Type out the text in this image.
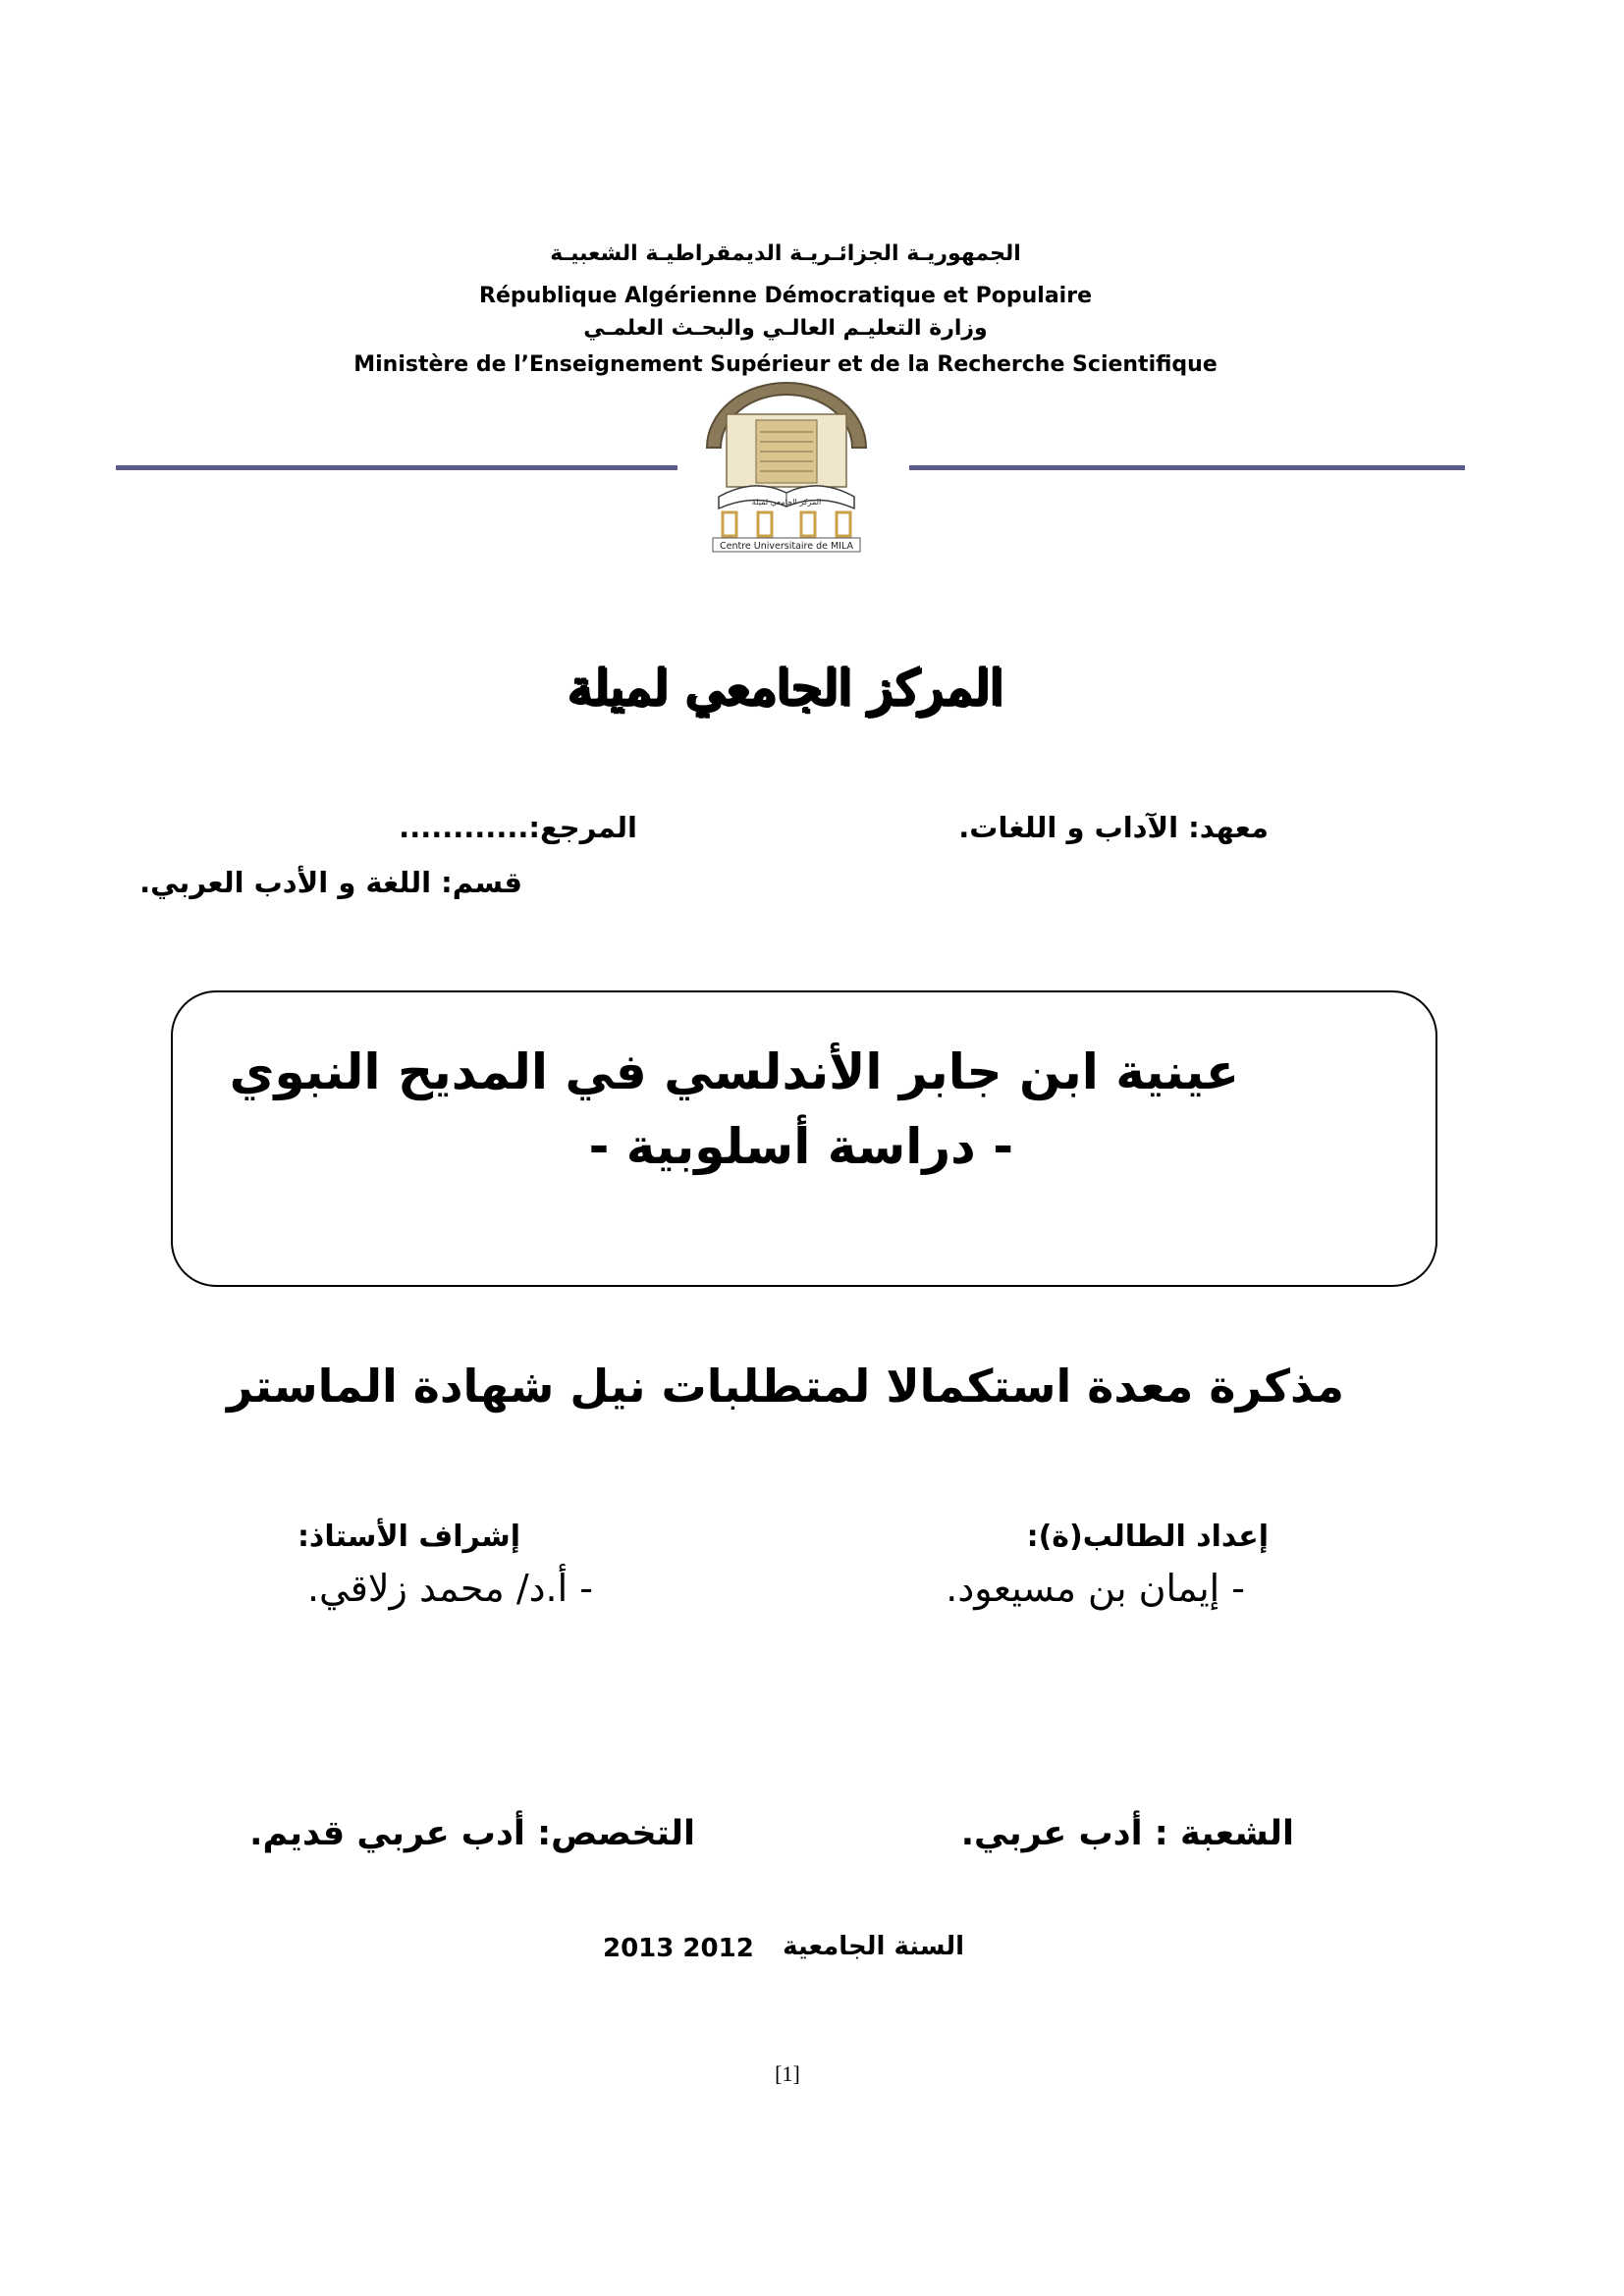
الجمهوريـة الجزائـريـة الديمقراطيـة الشعبيـة
République Algérienne Démocratique et Populaire
وزارة التعليـم العالـي والبحـث العلمـي
Ministère de l’Enseignement Supérieur et de la Recherche Scientifique
المركز الجامعي لميلة
Centre Universitaire de MILA
المركز الجامعي لميلة
معهد: الآداب و اللغات.
المرجع:............
قسم: اللغة و الأدب العربي.
عينية ابن جابر الأندلسي في المديح النبوي
- دراسة أسلوبية -
مذكرة معدة استكمالا لمتطلبات نيل شهادة الماستر
إعداد الطالب(ة):
- إيمان بن مسيعود.
إشراف الأستاذ:
- أ.د/ محمد زلاقي.
الشعبة : أدب عربي.
التخصص: أدب عربي قديم.
السنة الجامعية
2013 2012
[1]
